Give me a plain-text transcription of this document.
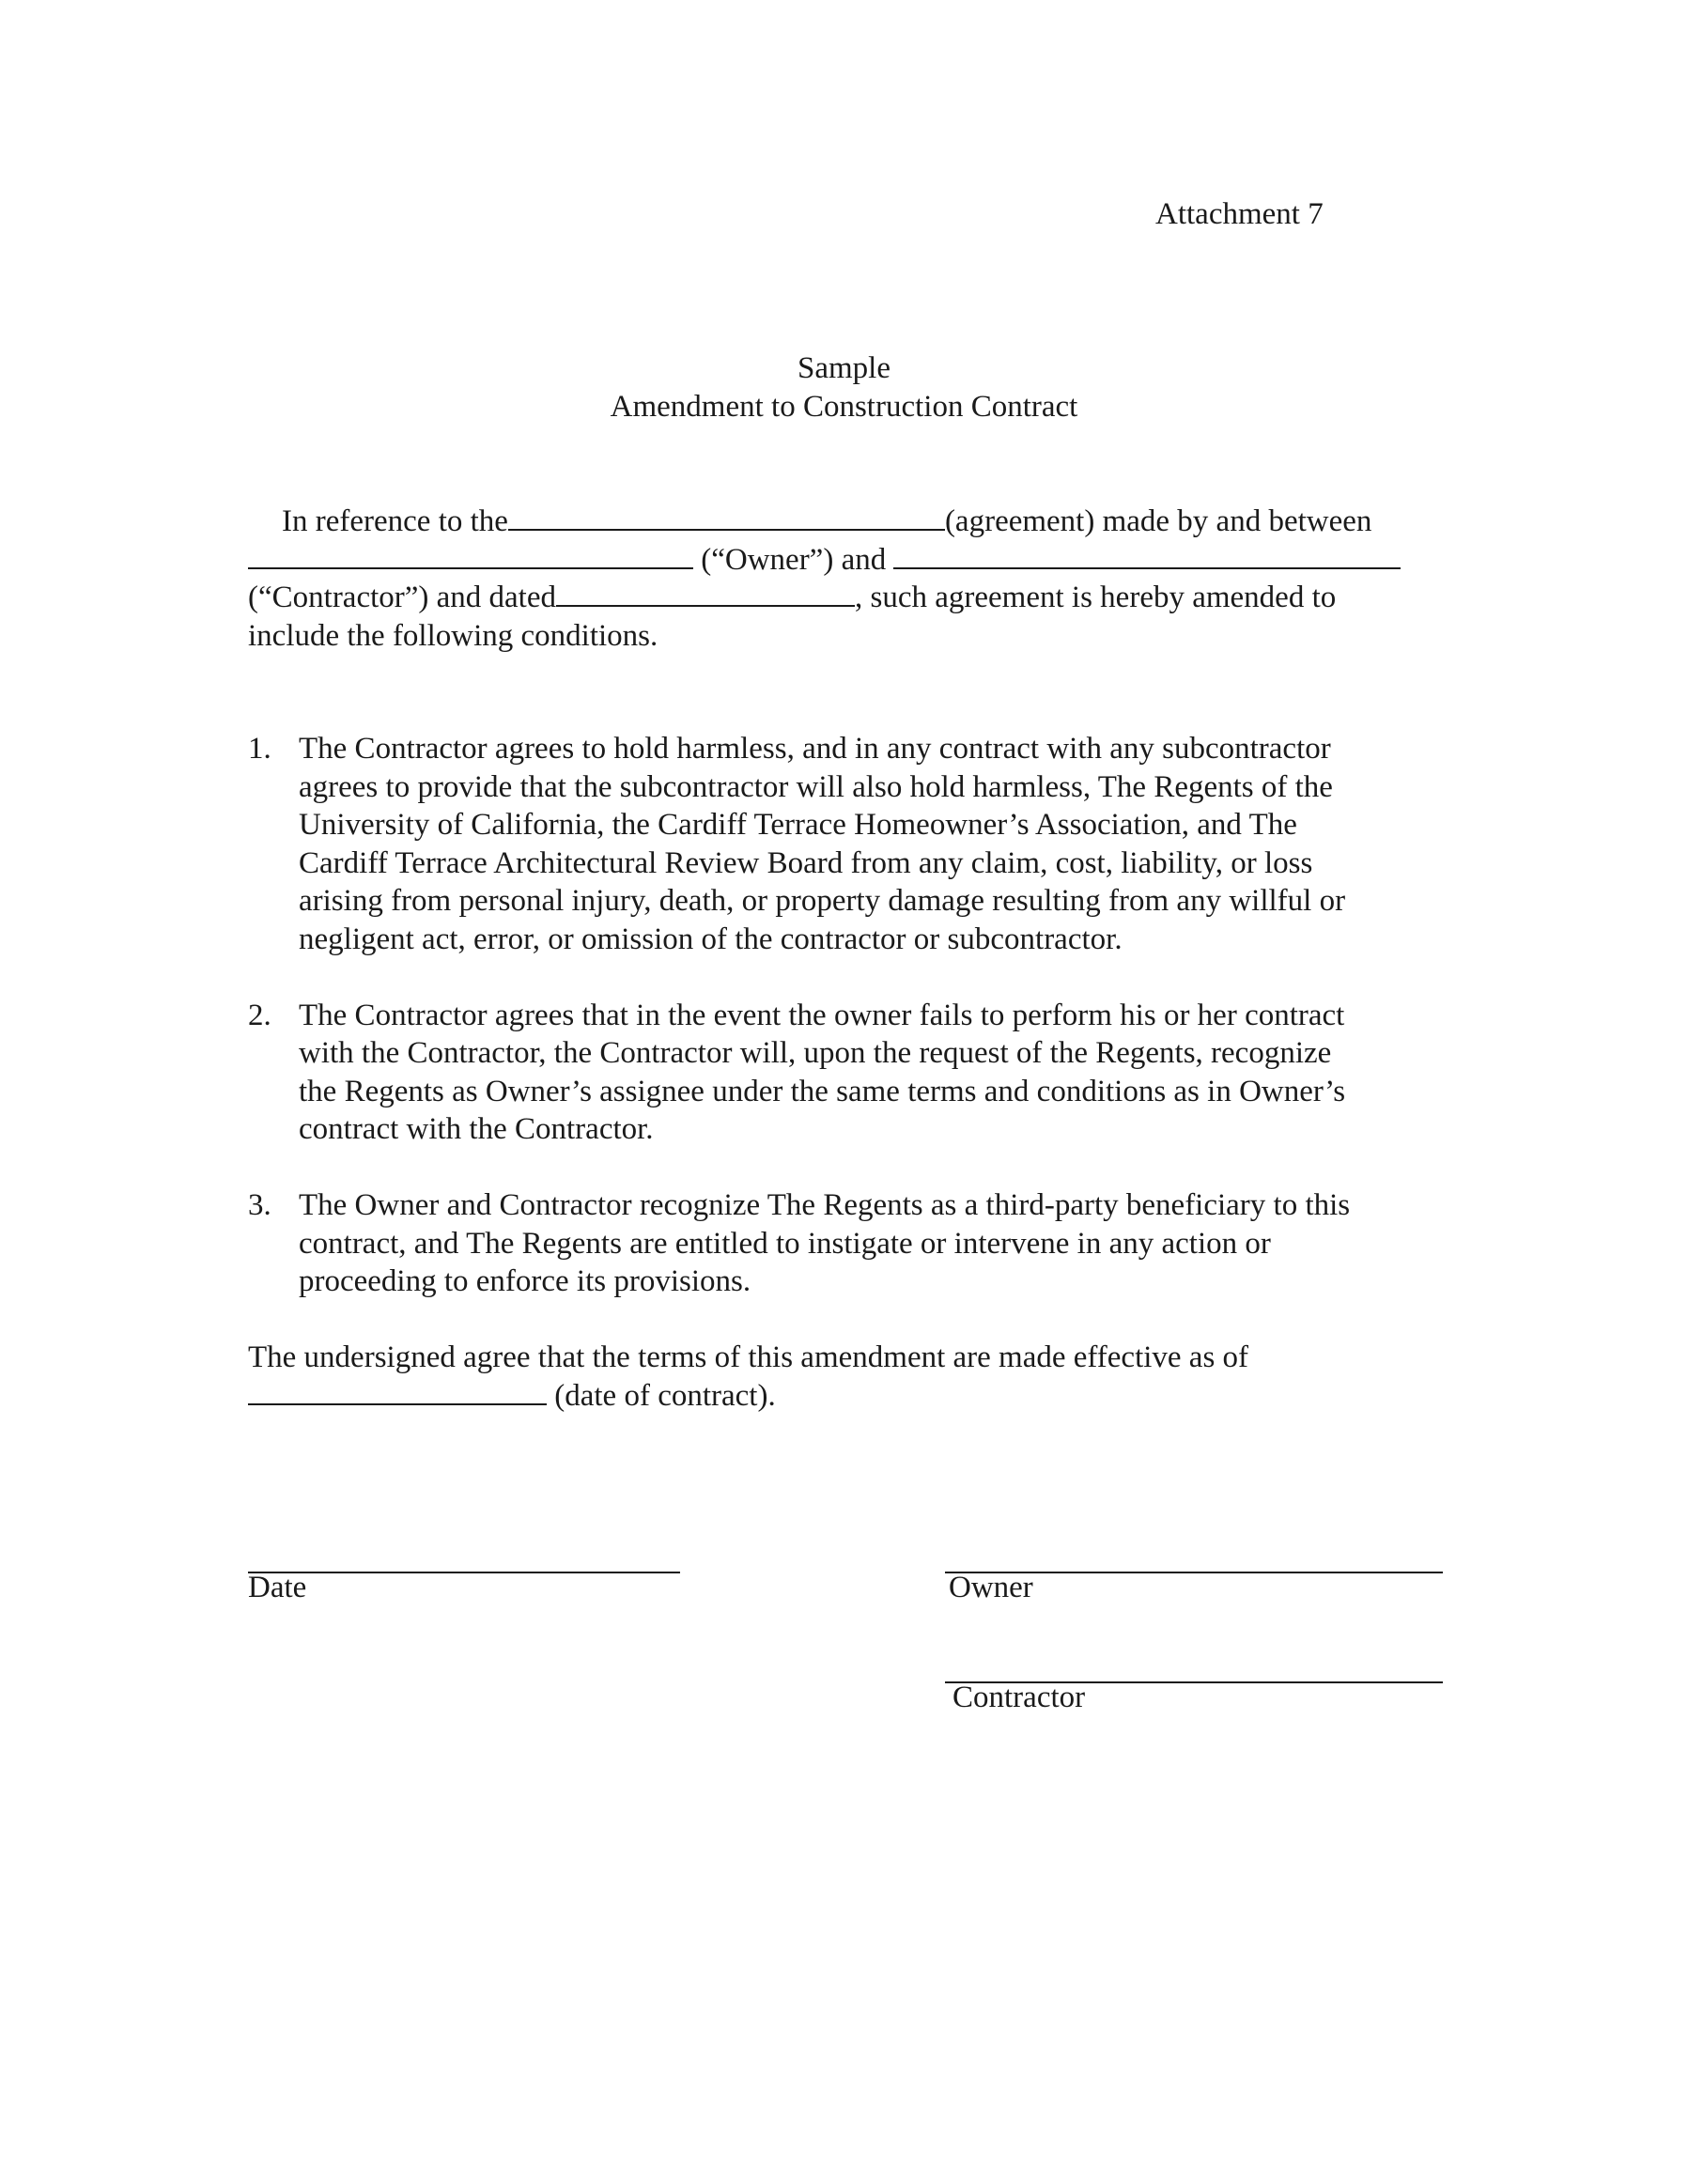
Attachment 7
Sample
Amendment to Construction Contract
In reference to the	(agreement) made by and between
(“Owner”) and
(“Contractor”) and dated	, such agreement is hereby amended to
include the following conditions.
1. The Contractor agrees to hold harmless, and in any contract with any subcontractor
agrees to provide that the subcontractor will also hold harmless, The Regents of the
University of California, the Cardiff Terrace Homeowner’s Association, and The
Cardiff Terrace Architectural Review Board from any claim, cost, liability, or loss
arising from personal injury, death, or property damage resulting from any willful or
negligent act, error, or omission of the contractor or subcontractor.
2. The Contractor agrees that in the event the owner fails to perform his or her contract
with the Contractor, the Contractor will, upon the request of the Regents, recognize
the Regents as Owner’s assignee under the same terms and conditions as in Owner’s
contract with the Contractor.
3. The Owner and Contractor recognize The Regents as a third-party beneficiary to this
contract, and The Regents are entitled to instigate or intervene in any action or
proceeding to enforce its provisions.
The undersigned agree that the terms of this amendment are made effective as of
(date of contract).
Date	Owner
Contractor
